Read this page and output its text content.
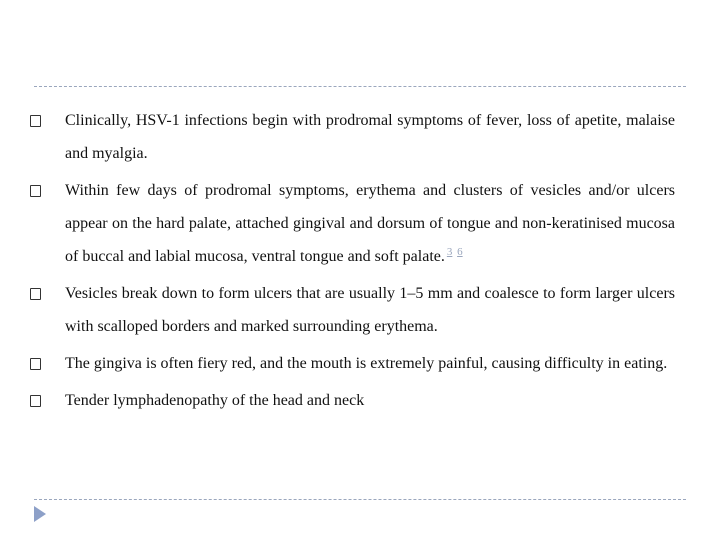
Clinically, HSV-1 infections begin with prodromal symptoms of fever, loss of apetite, malaise and myalgia.
Within few days of prodromal symptoms, erythema and clusters of vesicles and/or ulcers appear on the hard palate, attached gingival and dorsum of tongue and non-keratinised mucosa of buccal and labial mucosa, ventral tongue and soft palate. $^{3 6}$
Vesicles break down to form ulcers that are usually 1–5 mm and coalesce to form larger ulcers with scalloped borders and marked surrounding erythema.
The gingiva is often fiery red, and the mouth is extremely painful, causing difficulty in eating.
Tender lymphadenopathy of the head and neck
